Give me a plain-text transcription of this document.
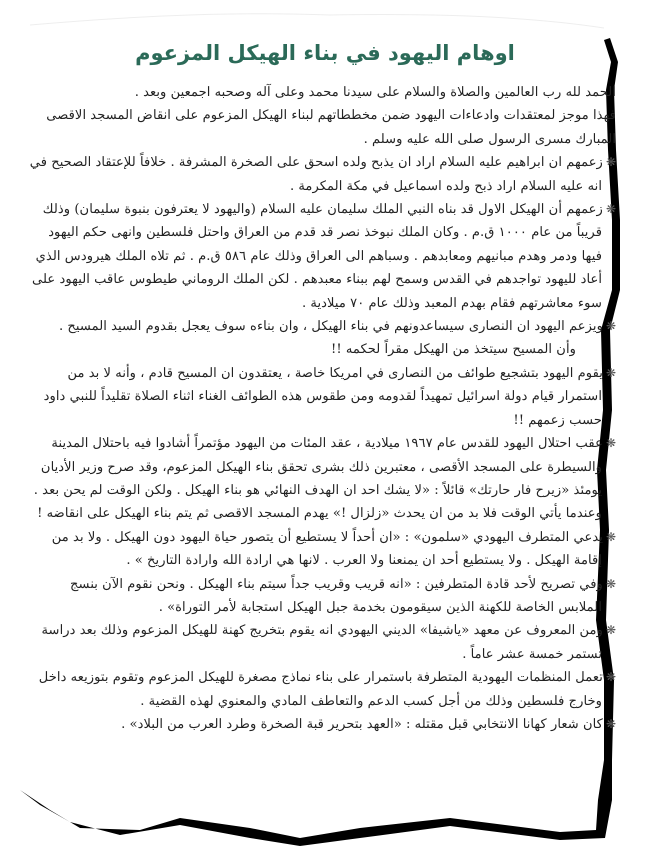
اوهام اليهود في بناء الهيكل المزعوم

الحمد لله رب العالمين والصلاة والسلام على سيدنا محمد وعلى آله وصحبه اجمعين وبعد .

فهذا موجز لمعتقدات وادعاءات اليهود ضمن مخططاتهم لبناء الهيكل المزعوم على انقاض المسجد الاقصى المبارك مسرى الرسول صلى الله عليه وسلم .

❋زعمهم ان ابراهيم عليه السلام اراد ان يذبح ولده اسحق على الصخرة المشرفة . خلافاً للإعتقاد الصحيح في انه عليه السلام اراد ذبح ولده اسماعيل في مكة المكرمة .
❋زعمهم أن الهيكل الاول قد بناه النبي الملك سليمان عليه السلام (واليهود لا يعترفون بنبوة سليمان) وذلك قريباً من عام ١٠٠٠ ق.م . وكان الملك نبوخذ نصر قد قدم من العراق واحتل فلسطين وانهى حكم اليهود فيها ودمر وهدم مبانيهم ومعابدهم . وسباهم الى العراق وذلك عام ٥٨٦ ق.م . ثم تلاه الملك هيرودس الذي أعاد لليهود تواجدهم في القدس وسمح لهم ببناء معبدهم . لكن الملك الروماني طيطوس عاقب اليهود على سوء معاشرتهم فقام بهدم المعبد وذلك عام ٧٠ ميلادية .
❋ويزعم اليهود ان النصارى سيساعدونهم في بناء الهيكل ، وان بناءه سوف يعجل بقدوم السيد المسيح .
وأن المسيح سيتخذ من الهيكل مقراً لحكمه !!
❋يقوم اليهود بتشجيع طوائف من النصارى في امريكا خاصة ، يعتقدون ان المسيح قادم ، وأنه لا بد من استمرار قيام دولة اسرائيل تمهيداً لقدومه ومن طقوس هذه الطوائف الغناء اثناء الصلاة تقليداً للنبي داود حسب زعمهم !!
❋عقب احتلال اليهود للقدس عام ١٩٦٧ ميلادية ، عقد المئات من اليهود مؤتمراً أشادوا فيه باحتلال المدينة والسيطرة على المسجد الأقصى ، معتبرين ذلك بشرى تحقق بناء الهيكل المزعوم، وقد صرح وزير الأديان يومئذ «زيرح فار حارتك» قائلاً : «لا يشك احد ان الهدف النهائي هو بناء الهيكل . ولكن الوقت لم يحن بعد . وعندما يأتي الوقت فلا بد من ان يحدث «زلزال !» يهدم المسجد الاقصى ثم يتم بناء الهيكل على انقاضه !
❋يدعي المتطرف اليهودي «سلمون» : «ان أحداً لا يستطيع أن يتصور حياة اليهود دون الهيكل . ولا بد من إقامة الهيكل . ولا يستطيع أحد ان يمنعنا ولا العرب . لانها هي ارادة الله وارادة التاريخ » .
❋وفي تصريح لأحد قادة المتطرفين : «انه قريب وقريب جداً سيتم بناء الهيكل . ونحن نقوم الآن بنسج الملابس الخاصة للكهنة الذين سيقومون بخدمة جبل الهيكل استجابة لأمر التوراة» .
❋ومن المعروف عن معهد «ياشيفا» الديني اليهودي انه يقوم بتخريج كهنة للهيكل المزعوم وذلك بعد دراسة تستمر خمسة عشر عاماً .
❋تعمل المنظمات اليهودية المتطرفة باستمرار على بناء نماذج مصغرة للهيكل المزعوم وتقوم بتوزيعه داخل وخارج فلسطين وذلك من أجل كسب الدعم والتعاطف المادي والمعنوي لهذه القضية .
❋كان شعار كهانا الانتخابي قبل مقتله : «العهد بتحرير قبة الصخرة وطرد العرب من البلاد» .
